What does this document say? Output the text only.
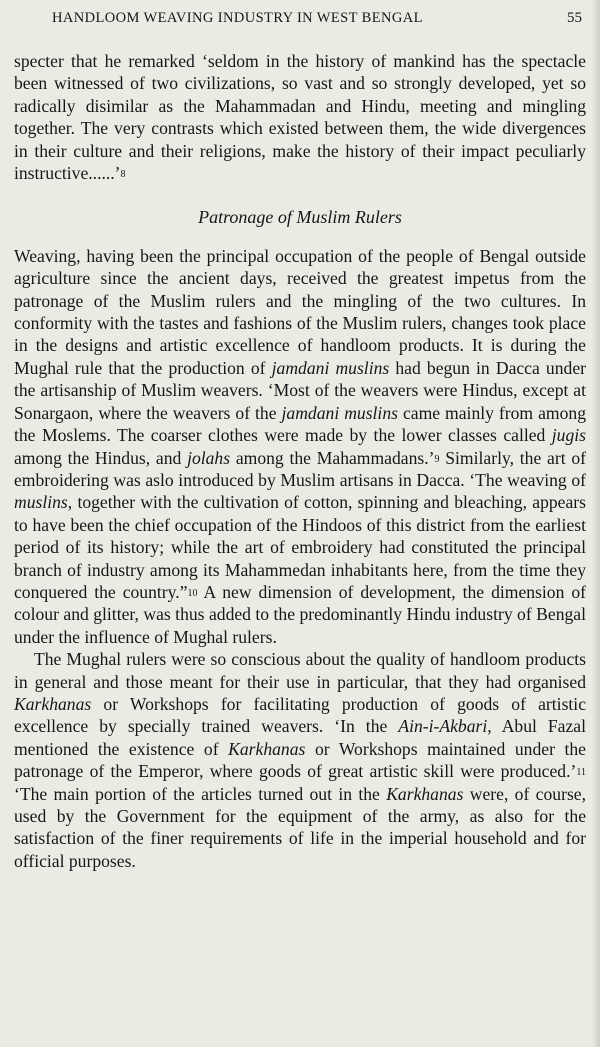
HANDLOOM WEAVING INDUSTRY IN WEST BENGAL	55

specter that he remarked ‘seldom in the history of mankind has the spectacle been witnessed of two civilizations, so vast and so strongly developed, yet so radically disimilar as the Mahammadan and Hindu, meeting and mingling together. The very contrasts which existed between them, the wide divergences in their culture and their religions, make the history of their impact peculiarly instructive......’$^8$

Patronage of Muslim Rulers

Weaving, having been the principal occupation of the people of Bengal outside agriculture since the ancient days, received the greatest impetus from the patronage of the Muslim rulers and the mingling of the two cultures. In conformity with the tastes and fashions of the Muslim rulers, changes took place in the designs and artistic excellence of handloom products. It is during the Mughal rule that the production of jamdani muslins had begun in Dacca under the artisanship of Muslim weavers. ‘Most of the weavers were Hindus, except at Sonargaon, where the weavers of the jamdani muslins came mainly from among the Moslems. The coarser clothes were made by the lower classes called jugis among the Hindus, and jolahs among the Mahammadans.’$^9$ Similarly, the art of embroidering was aslo introduced by Muslim artisans in Dacca. ‘The weaving of muslins, together with the cultivation of cotton, spinning and bleaching, appears to have been the chief occupation of the Hindoos of this district from the earliest period of its history; while the art of embroidery had constituted the principal branch of industry among its Mahammedan inhabitants here, from the time they conquered the country.”$^{10}$ A new dimension of development, the dimension of colour and glitter, was thus added to the predominantly Hindu industry of Bengal under the influence of Mughal rulers.

The Mughal rulers were so conscious about the quality of handloom products in general and those meant for their use in particular, that they had organised Karkhanas or Workshops for facilitating production of goods of artistic excellence by specially trained weavers. ‘In the Ain-i-Akbari, Abul Fazal mentioned the existence of Karkhanas or Workshops maintained under the patronage of the Emperor, where goods of great artistic skill were produced.’$^{11}$ ‘The main portion of the articles turned out in the Karkhanas were, of course, used by the Government for the equipment of the army, as also for the satisfaction of the finer requirements of life in the imperial household and for official purposes.
